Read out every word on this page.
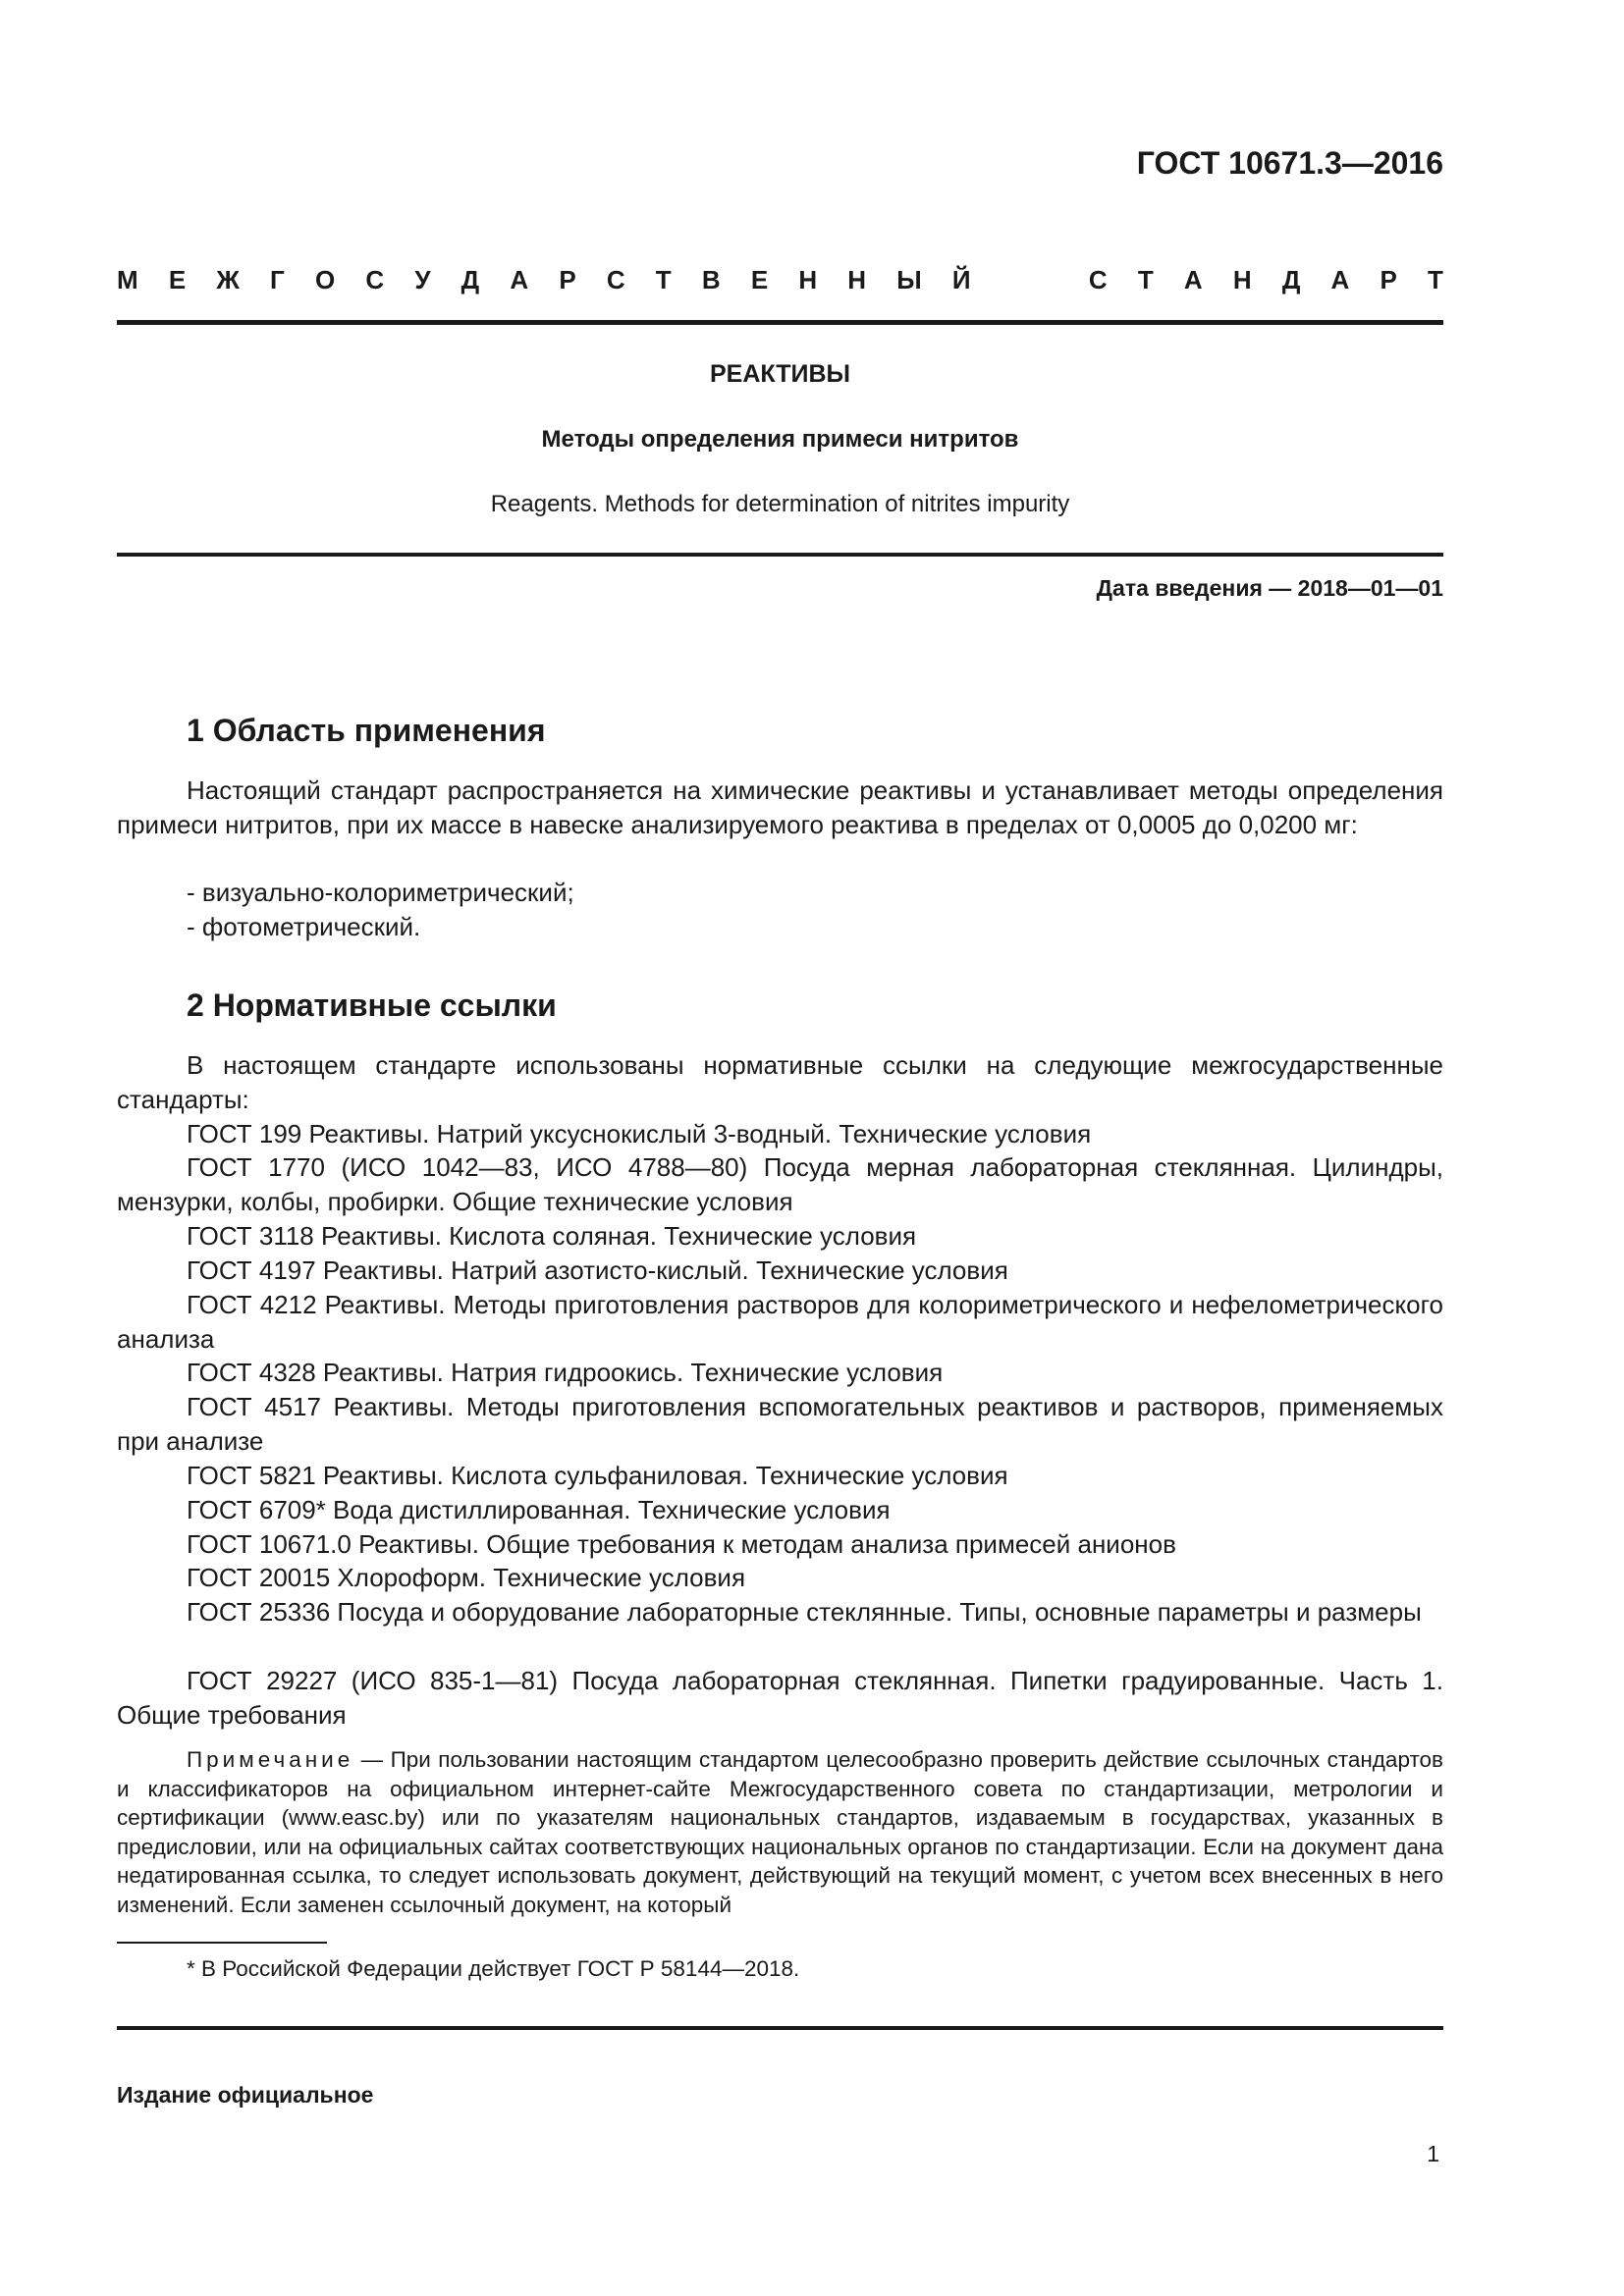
ГОСТ 10671.3—2016
М Е Ж Г О С У Д А Р С Т В Е Н Н Ы Й	С Т А Н Д А Р Т

РЕАКТИВЫ

Методы определения примеси нитритов

Reagents. Methods for determination of nitrites impurity

Дата введения — 2018—01—01

1 Область применения

Настоящий стандарт распространяется на химические реактивы и устанавливает методы определения примеси нитритов, при их массе в навеске анализируемого реактива в пределах от 0,0005 до 0,0200 мг:

- визуально-колориметрический;

- фотометрический.

2 Нормативные ссылки

В настоящем стандарте использованы нормативные ссылки на следующие межгосударственные стандарты:

ГОСТ 199 Реактивы. Натрий уксуснокислый 3-водный. Технические условия

ГОСТ 1770 (ИСО 1042—83, ИСО 4788—80) Посуда мерная лабораторная стеклянная. Цилиндры, мензурки, колбы, пробирки. Общие технические условия

ГОСТ 3118 Реактивы. Кислота соляная. Технические условия

ГОСТ 4197 Реактивы. Натрий азотисто-кислый. Технические условия

ГОСТ 4212 Реактивы. Методы приготовления растворов для колориметрического и нефелометрического анализа

ГОСТ 4328 Реактивы. Натрия гидроокись. Технические условия

ГОСТ 4517 Реактивы. Методы приготовления вспомогательных реактивов и растворов, применяемых при анализе

ГОСТ 5821 Реактивы. Кислота сульфаниловая. Технические условия

ГОСТ 6709* Вода дистиллированная. Технические условия

ГОСТ 10671.0 Реактивы. Общие требования к методам анализа примесей анионов

ГОСТ 20015 Хлороформ. Технические условия

ГОСТ 25336 Посуда и оборудование лабораторные стеклянные. Типы, основные параметры и размеры

ГОСТ 29227 (ИСО 835-1—81) Посуда лабораторная стеклянная. Пипетки градуированные. Часть 1. Общие требования

Примечание — При пользовании настоящим стандартом целесообразно проверить действие ссылочных стандартов и классификаторов на официальном интернет-сайте Межгосударственного совета по стандартизации, метрологии и сертификации (www.easc.by) или по указателям национальных стандартов, издаваемым в государствах, указанных в предисловии, или на официальных сайтах соответствующих национальных органов по стандартизации. Если на документ дана недатированная ссылка, то следует использовать документ, действующий на текущий момент, с учетом всех внесенных в него изменений. Если заменен ссылочный документ, на который

* В Российской Федерации действует ГОСТ Р 58144—2018.

Издание официальное

1
